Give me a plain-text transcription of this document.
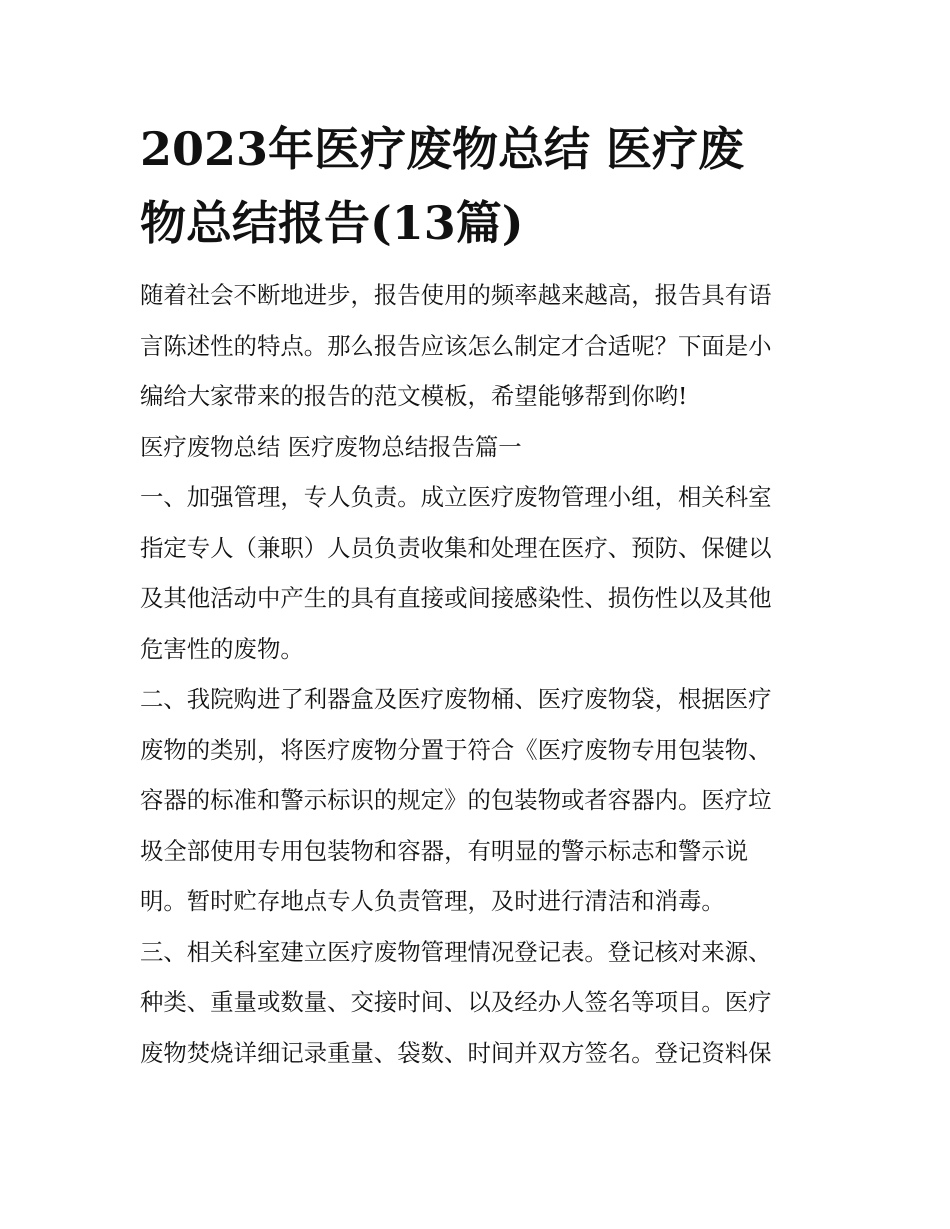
2023年医疗废物总结 医疗废物总结报告(13篇)

随着社会不断地进步，报告使用的频率越来越高，报告具有语

言陈述性的特点。那么报告应该怎么制定才合适呢？下面是小

编给大家带来的报告的范文模板，希望能够帮到你哟!

医疗废物总结 医疗废物总结报告篇一

一、加强管理，专人负责。成立医疗废物管理小组，相关科室

指定专人（兼职）人员负责收集和处理在医疗、预防、保健以

及其他活动中产生的具有直接或间接感染性、损伤性以及其他

危害性的废物。

二、我院购进了利器盒及医疗废物桶、医疗废物袋，根据医疗

废物的类别，将医疗废物分置于符合《医疗废物专用包装物、

容器的标准和警示标识的规定》的包装物或者容器内。医疗垃

圾全部使用专用包装物和容器，有明显的警示标志和警示说

明。暂时贮存地点专人负责管理，及时进行清洁和消毒。

三、相关科室建立医疗废物管理情况登记表。登记核对来源、

种类、重量或数量、交接时间、以及经办人签名等项目。医疗

废物焚烧详细记录重量、袋数、时间并双方签名。登记资料保
